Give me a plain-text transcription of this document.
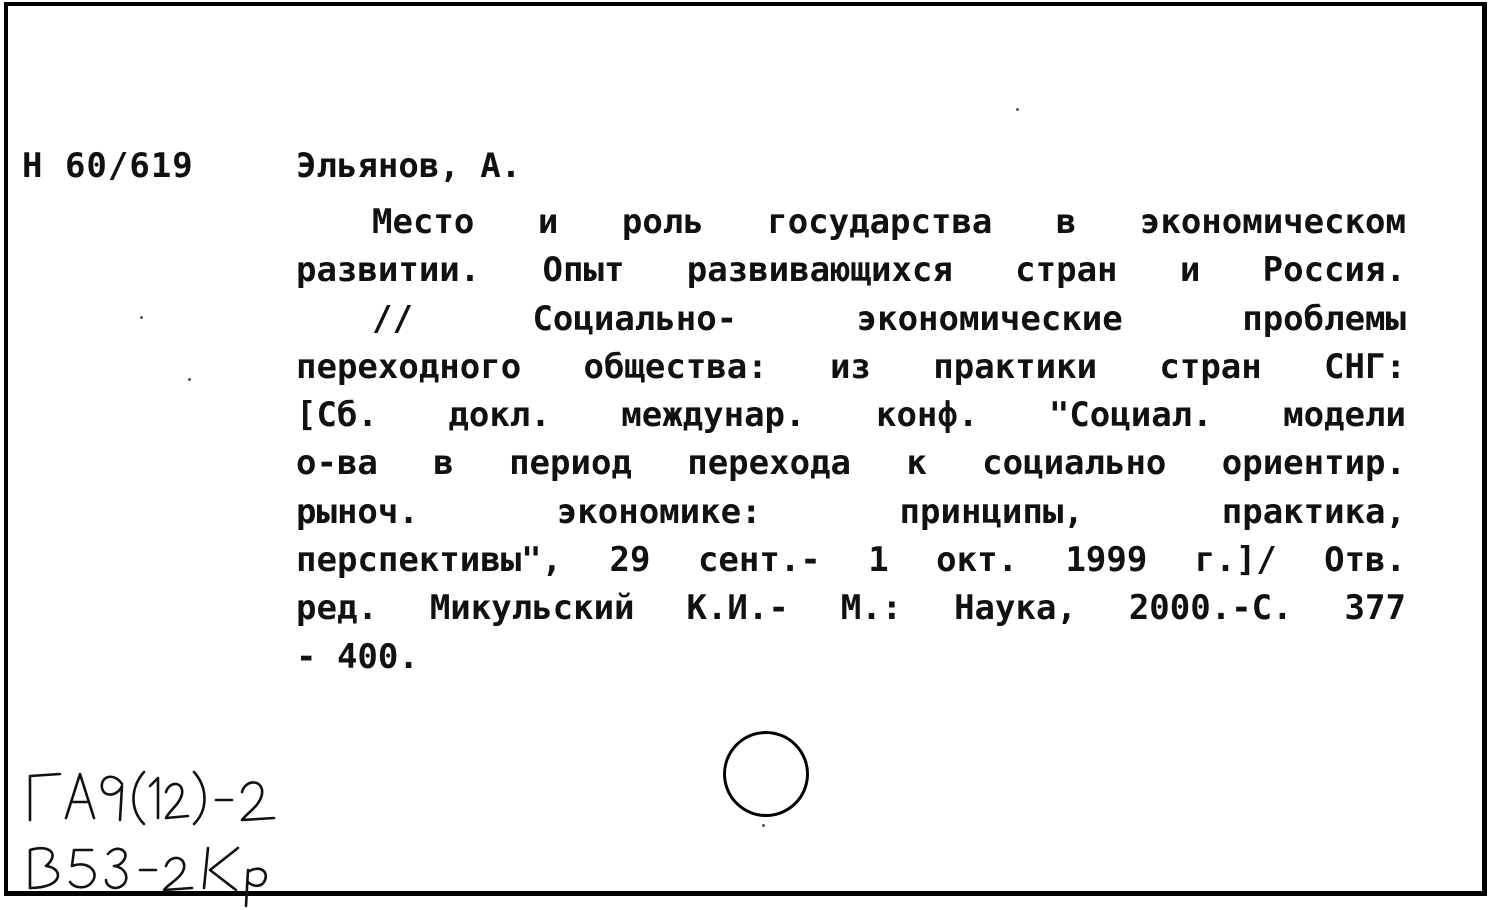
Н 60/619	Эльянов, А.
Место и роль государства в экономическом
развитии. Опыт развивающихся стран и Россия.
//	Социально-	экономические	проблемы
переходного общества: из практики стран СНГ:
[Сб. докл. междунар. конф. "Социал. модели
о-ва в период перехода к социально ориентир.
рыноч.	экономике:	принципы,	практика,
перспективы", 29 сент.- 1 окт. 1999 г.]/ Отв.
ред. Микульский К.И.- М.: Наука, 2000.-С. 377
- 400.
